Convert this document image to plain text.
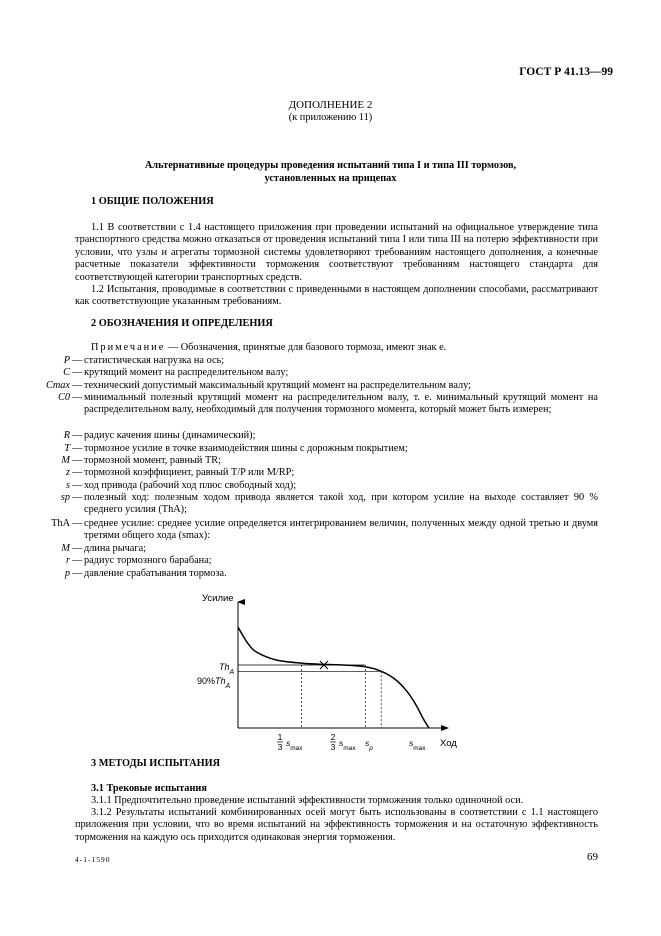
ГОСТ Р 41.13—99
ДОПОЛНЕНИЕ 2
(к приложению 11)
Альтернативные процедуры проведения испытаний типа I и типа III тормозов,
установленных на прицепах
1 ОБЩИЕ ПОЛОЖЕНИЯ
1.1 В соответствии с 1.4 настоящего приложения при проведении испытаний на официальное утверждение типа транспортного средства можно отказаться от проведения испытаний типа I или типа III на потерю эффективности при условии, что узлы и агрегаты тормозной системы удовлетворяют требованиям настоящего дополнения, а конечные расчетные показатели эффективности торможения соответствуют требованиям настоящего стандарта для соответствующей категории транспортных средств.
1.2 Испытания, проводимые в соответствии с приведенными в настоящем дополнении способами, рассматривают как соответствующие указанным требованиям.
2 ОБОЗНАЧЕНИЯ И ОПРЕДЕЛЕНИЯ
Примечание — Обозначения, принятые для базового тормоза, имеют знак е.
P — статистическая нагрузка на ось;
C — крутящий момент на распределительном валу;
Cmax — технический допустимый максимальный крутящий момент на распределительном валу;
C0 — минимальный полезный крутящий момент на распределительном валу, т. е. минимальный крутящий момент на распределительном валу, необходимый для получения тормозного момента, который может быть измерен;
R — радиус качения шины (динамический);
T — тормозное усилие в точке взаимодействия шины с дорожным покрытием;
M — тормозной момент, равный TR;
z — тормозной коэффициент, равный T/P или M/RP;
s — ход привода (рабочий ход плюс свободный ход);
sp — полезный ход: полезным ходом привода является такой ход, при котором усилие на выходе составляет 90 % среднего усилия (ThA);
ThA — среднее усилие: среднее усилие определяется интегрированием величин, полученных между одной третью и двумя третями общего хода (smax):
M — длина рычага;
r — радиус тормозного барабана;
p — давление срабатывания тормоза.
Усилие
Ход
$Th_A$
$90\%Th_A$
1
3 $s_{max}$
2
3 $s_{max}$ $s_p$	$s_{max}$
3 МЕТОДЫ ИСПЫТАНИЯ
3.1 Трековые испытания
3.1.1 Предпочтительно проведение испытаний эффективности торможения только одиночной оси.
3.1.2 Результаты испытаний комбинированных осей могут быть использованы в соответствии с 1.1 настоящего приложения при условии, что во время испытаний на эффективность торможения и на остаточную эффективность торможения на каждую ось приходится одинаковая энергия торможения.
4-1-1590	69
